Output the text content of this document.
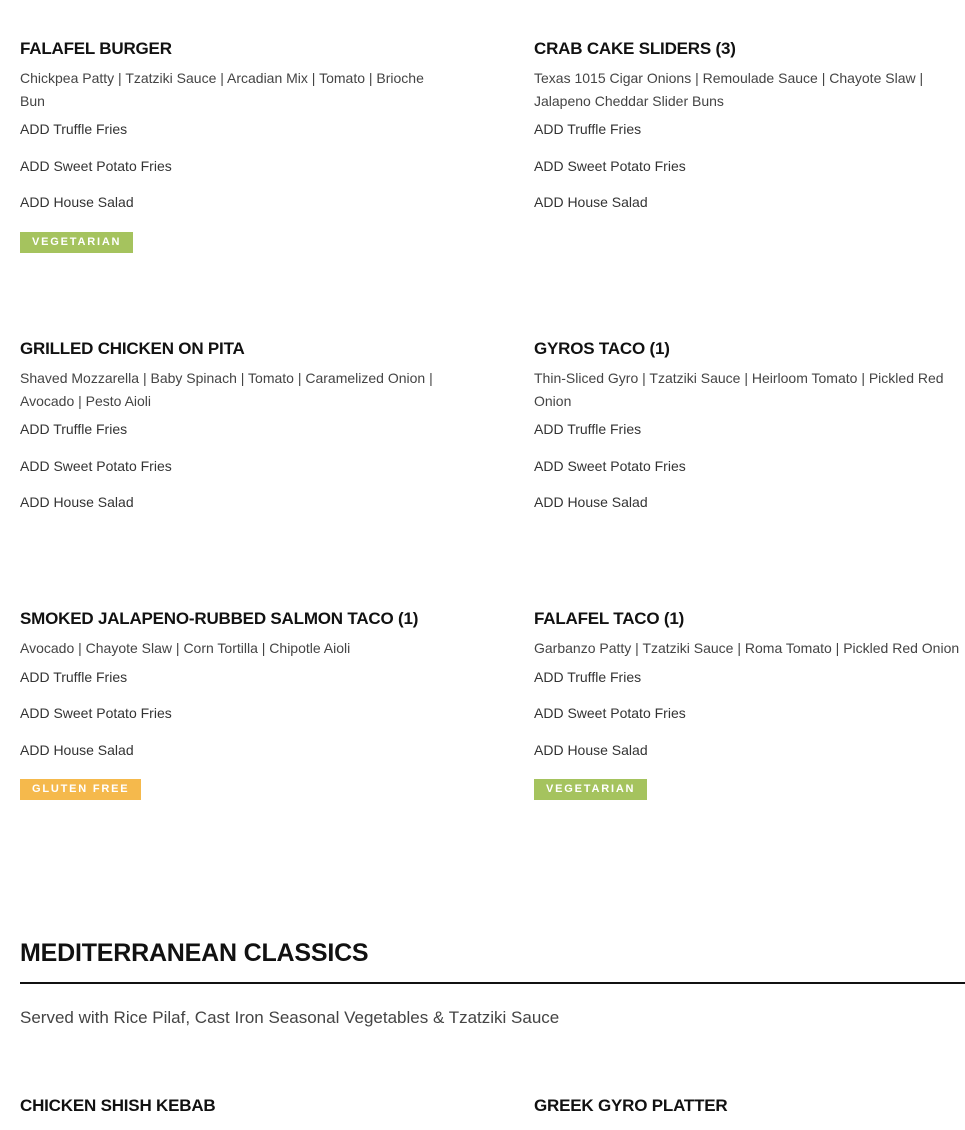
FALAFEL BURGER

Chickpea Patty | Tzatziki Sauce | Arcadian Mix | Tomato | Brioche Bun

ADD Truffle Fries
ADD Sweet Potato Fries
ADD House Salad
VEGETARIAN
CRAB CAKE SLIDERS (3)

Texas 1015 Cigar Onions | Remoulade Sauce | Chayote Slaw | Jalapeno Cheddar Slider Buns

ADD Truffle Fries
ADD Sweet Potato Fries
ADD House Salad
GRILLED CHICKEN ON PITA

Shaved Mozzarella | Baby Spinach | Tomato | Caramelized Onion | Avocado | Pesto Aioli

ADD Truffle Fries
ADD Sweet Potato Fries
ADD House Salad
GYROS TACO (1)

Thin-Sliced Gyro | Tzatziki Sauce | Heirloom Tomato | Pickled Red Onion

ADD Truffle Fries
ADD Sweet Potato Fries
ADD House Salad
SMOKED JALAPENO-RUBBED SALMON TACO (1)

Avocado | Chayote Slaw | Corn Tortilla | Chipotle Aioli

ADD Truffle Fries
ADD Sweet Potato Fries
ADD House Salad
GLUTEN FREE
FALAFEL TACO (1)

Garbanzo Patty | Tzatziki Sauce | Roma Tomato | Pickled Red Onion

ADD Truffle Fries
ADD Sweet Potato Fries
ADD House Salad
VEGETARIAN
MEDITERRANEAN CLASSICS
Served with Rice Pilaf, Cast Iron Seasonal Vegetables & Tzatziki Sauce
CHICKEN SHISH KEBAB	GREEK GYRO PLATTER
